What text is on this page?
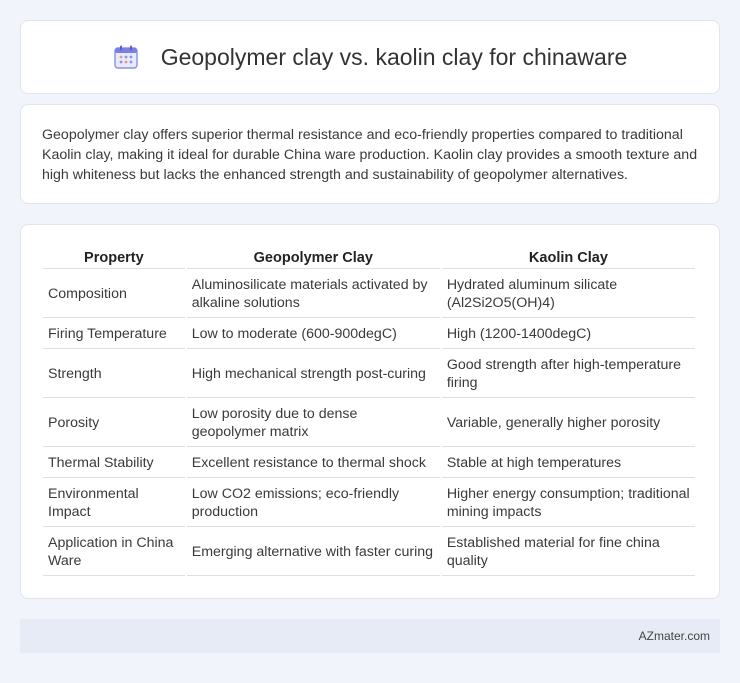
Geopolymer clay vs. kaolin clay for chinaware

Geopolymer clay offers superior thermal resistance and eco-friendly properties compared to traditional Kaolin clay, making it ideal for durable China ware production. Kaolin clay provides a smooth texture and high whiteness but lacks the enhanced strength and sustainability of geopolymer alternatives.

Property	Geopolymer Clay	Kaolin Clay
Composition	Aluminosilicate materials activated by alkaline solutions	Hydrated aluminum silicate (Al2Si2O5(OH)4)
Firing Temperature	Low to moderate (600-900degC)	High (1200-1400degC)
Strength	High mechanical strength post-curing	Good strength after high-temperature firing
Porosity	Low porosity due to dense geopolymer matrix	Variable, generally higher porosity
Thermal Stability	Excellent resistance to thermal shock	Stable at high temperatures
Environmental Impact	Low CO2 emissions; eco-friendly production	Higher energy consumption; traditional mining impacts
Application in China Ware	Emerging alternative with faster curing	Established material for fine china quality
AZmater.com
